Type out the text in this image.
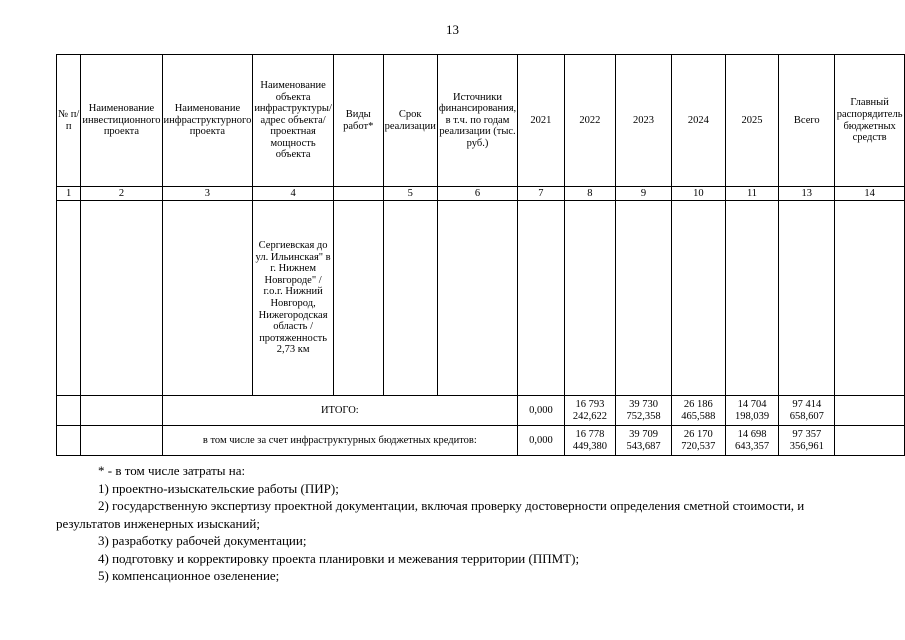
13
№ п/п	Наименование инвестиционного проекта	Наименование инфраструктурного проекта	Наименование объекта инфраструктуры/ адрес объекта/ проектная мощность объекта	Виды работ*	Срок реализации	Источники финансирования, в т.ч. по годам реализации (тыс. руб.)	2021	2022	2023	2024	2025	Всего	Главный распорядитель бюджетных средств
1	2	3	4		5	6	7	8	9	10	11	13	14
			Сергиевская до ул. Ильинская" в г. Нижнем Новгороде" / г.о.г. Нижний Новгород, Нижегородская область / протяженность 2,73 км										
		ИТОГО:					0,000	16 793 242,622	39 730 752,358	26 186 465,588	14 704 198,039	97 414 658,607	
		в том числе за счет инфраструктурных бюджетных кредитов:					0,000	16 778 449,380	39 709 543,687	26 170 720,537	14 698 643,357	97 357 356,961	

* - в том числе затраты на:

1) проектно-изыскательские работы (ПИР);

2) государственную экспертизу проектной документации, включая проверку достоверности определения сметной стоимости, и результатов инженерных изысканий;

3) разработку рабочей документации;

4) подготовку и корректировку проекта планировки и межевания территории (ППМТ);

5) компенсационное озеленение;
